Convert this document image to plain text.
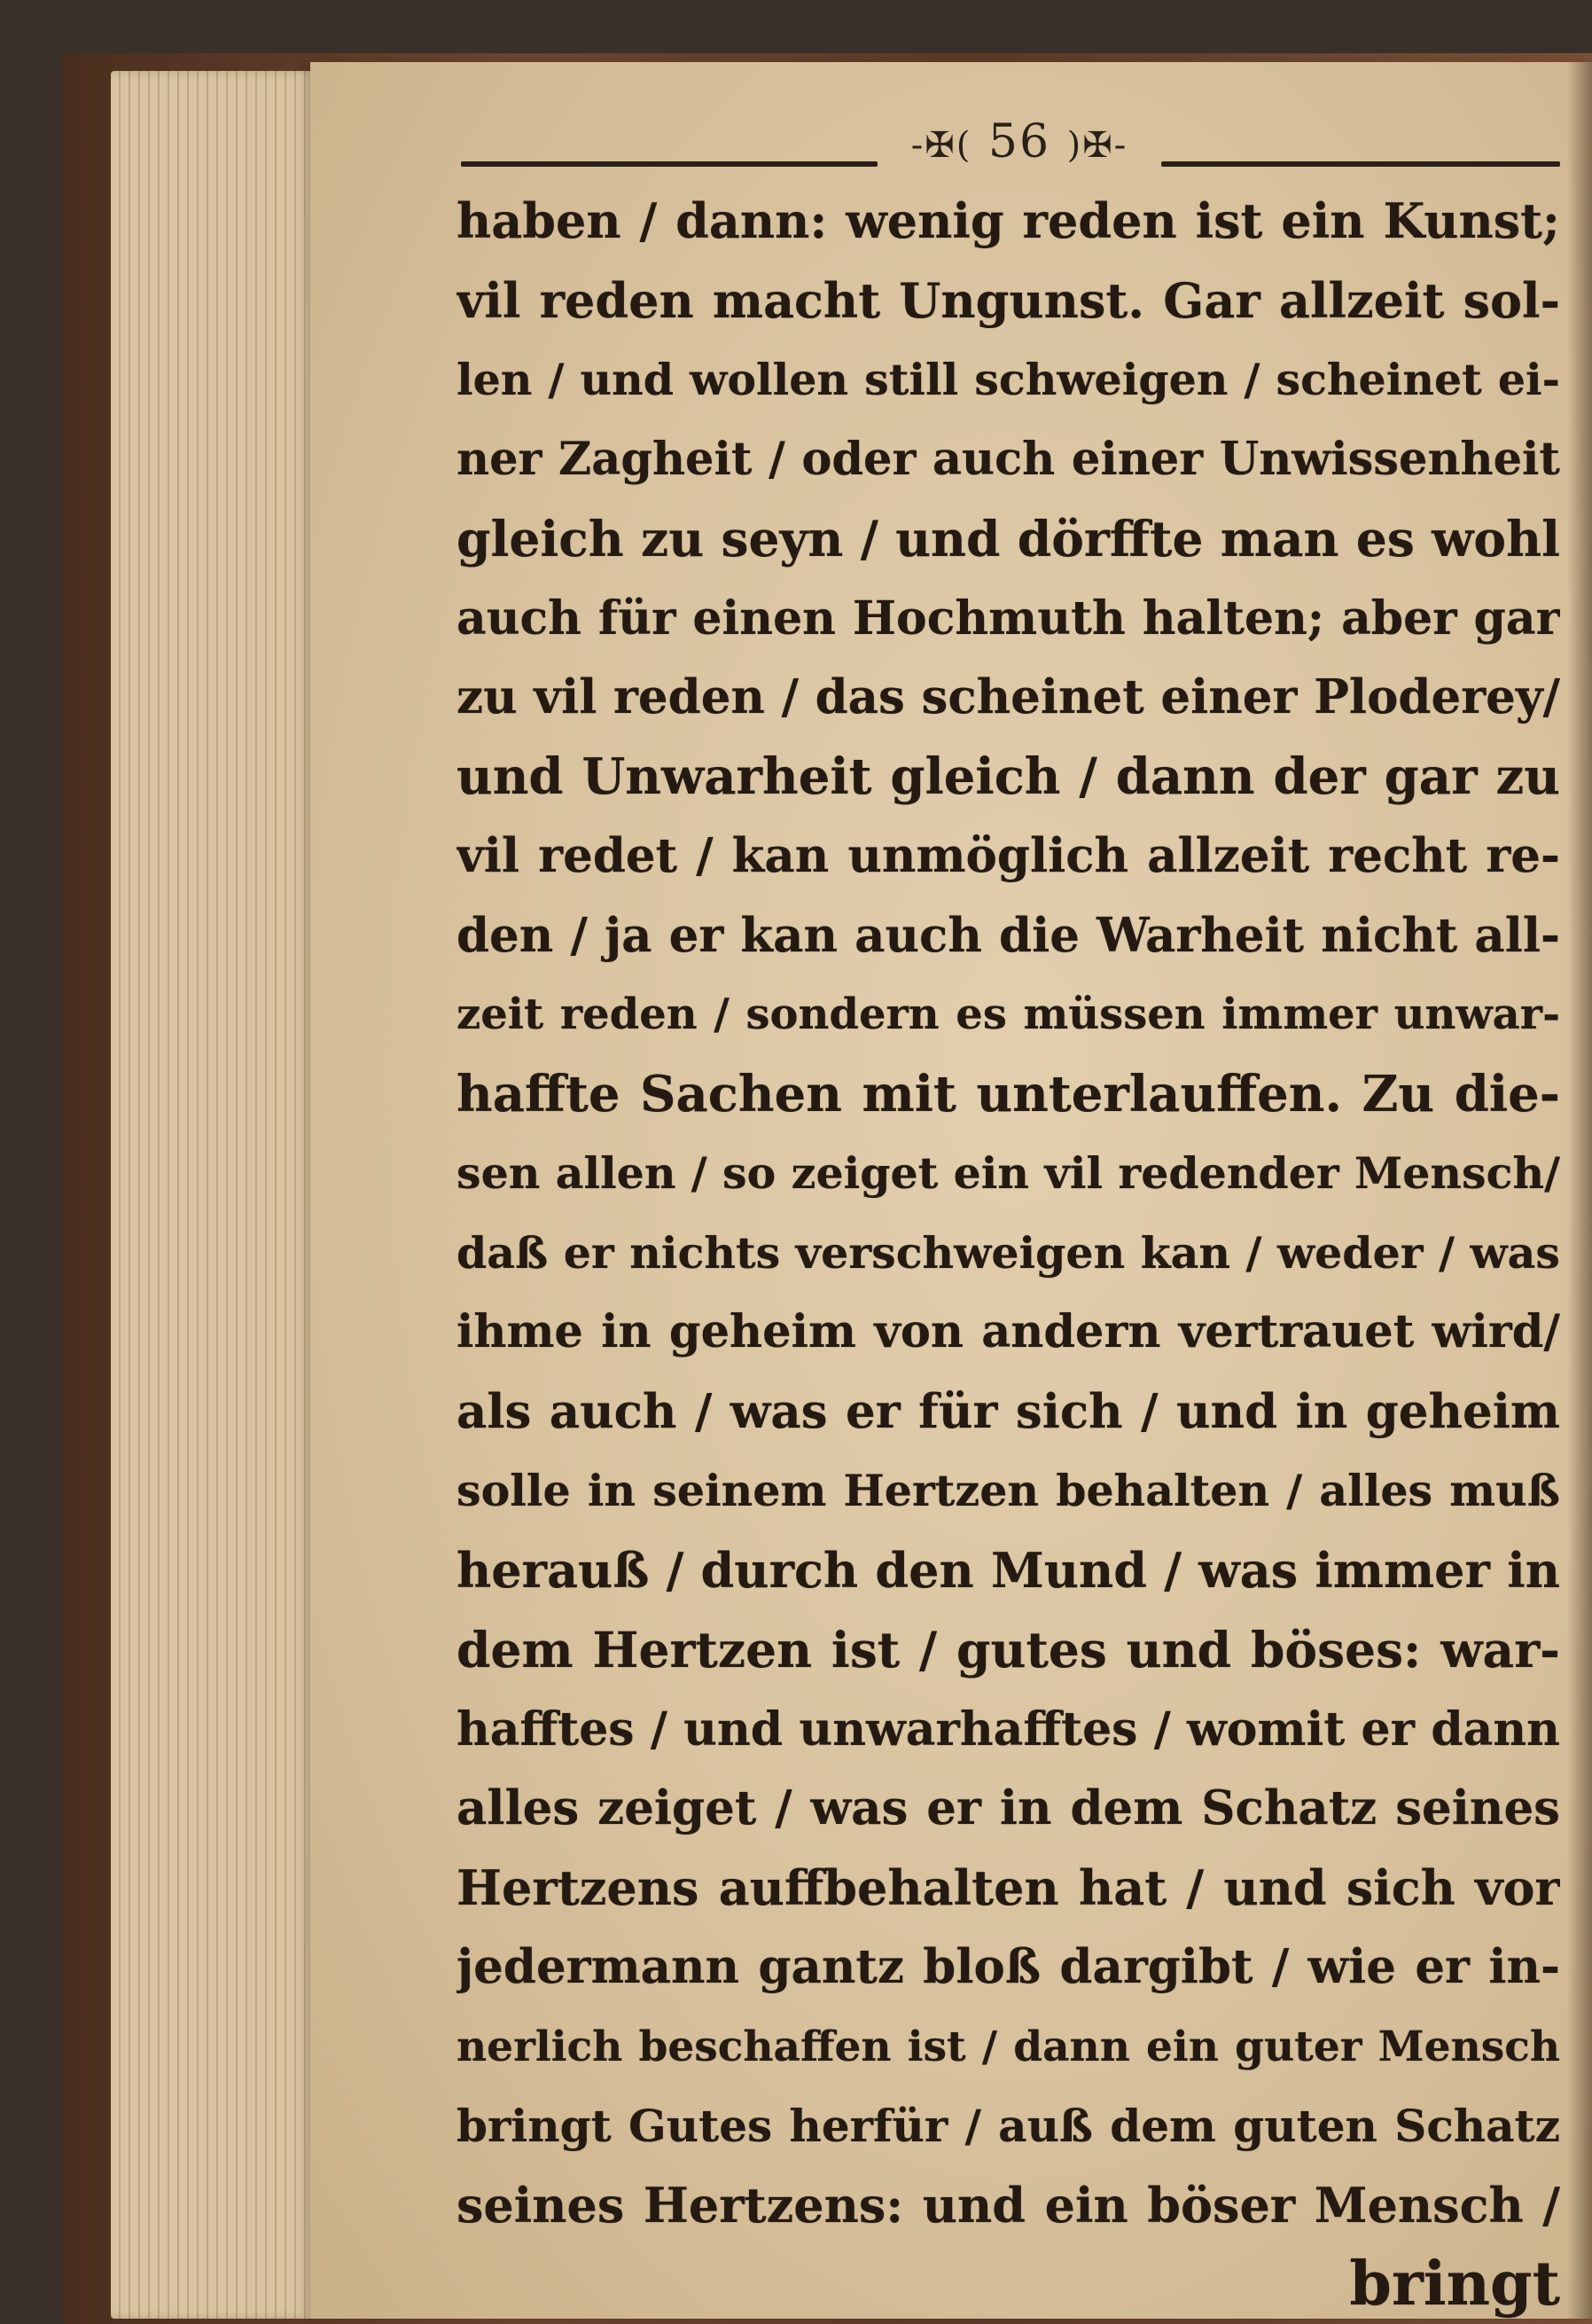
-✠( 56 )✠-
haben / dann: wenig reden ist ein Kunst;
vil reden macht Ungunst. Gar allzeit sol-
len / und wollen still schweigen / scheinet ei-
ner Zagheit / oder auch einer Unwissenheit
gleich zu seyn / und dörffte man es wohl
auch für einen Hochmuth halten; aber gar
zu vil reden / das scheinet einer Ploderey/
und Unwarheit gleich / dann der gar zu
vil redet / kan unmöglich allzeit recht re-
den / ja er kan auch die Warheit nicht all-
zeit reden / sondern es müssen immer unwar-
haffte Sachen mit unterlauffen. Zu die-
sen allen / so zeiget ein vil redender Mensch/
daß er nichts verschweigen kan / weder / was
ihme in geheim von andern vertrauet wird/
als auch / was er für sich / und in geheim
solle in seinem Hertzen behalten / alles muß
herauß / durch den Mund / was immer in
dem Hertzen ist / gutes und böses: war-
hafftes / und unwarhafftes / womit er dann
alles zeiget / was er in dem Schatz seines
Hertzens auffbehalten hat / und sich vor
jedermann gantz bloß dargibt / wie er in-
nerlich beschaffen ist / dann ein guter Mensch
bringt Gutes herfür / auß dem guten Schatz
seines Hertzens: und ein böser Mensch /
bringt
